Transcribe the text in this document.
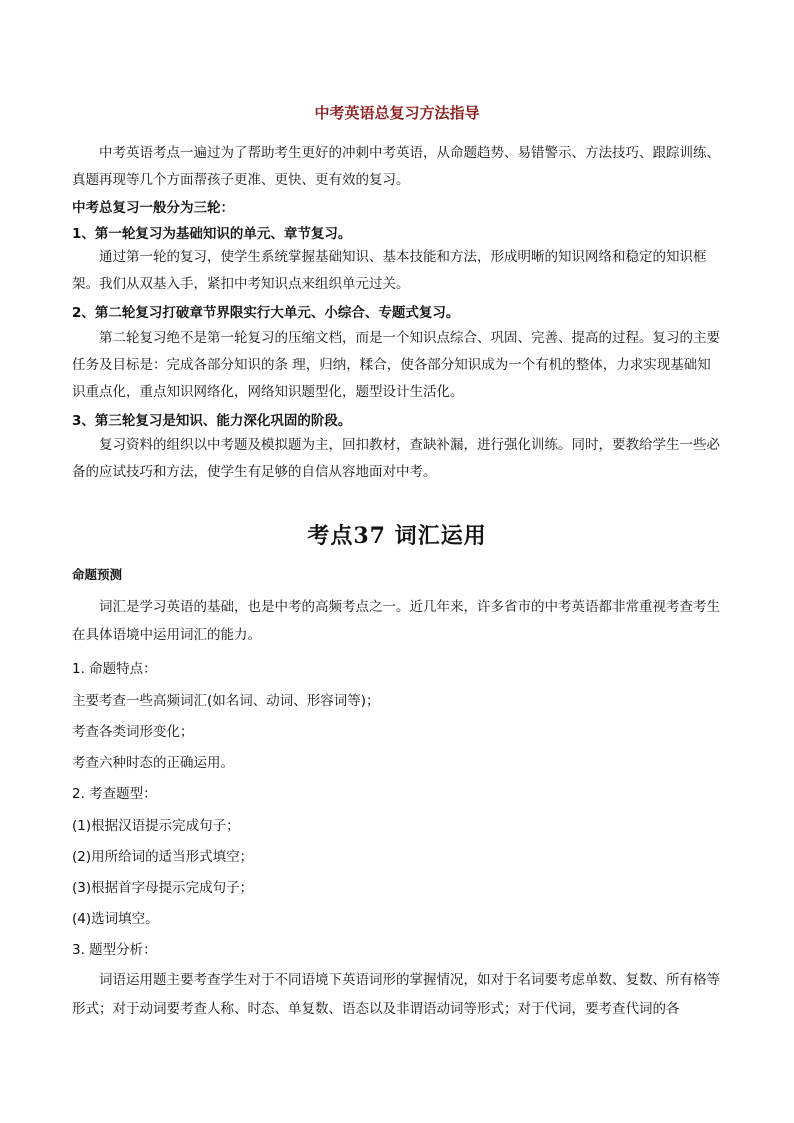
中考英语总复习方法指导
中考英语考点一遍过为了帮助考生更好的冲刺中考英语，从命题趋势、易错警示、方法技巧、跟踪训练、真题再现等几个方面帮孩子更准、更快、更有效的复习。
中考总复习一般分为三轮：
1、第一轮复习为基础知识的单元、章节复习。
通过第一轮的复习，使学生系统掌握基础知识、基本技能和方法，形成明晰的知识网络和稳定的知识框架。我们从双基入手，紧扣中考知识点来组织单元过关。
2、第二轮复习打破章节界限实行大单元、小综合、专题式复习。
第二轮复习绝不是第一轮复习的压缩文档，而是一个知识点综合、巩固、完善、提高的过程。复习的主要任务及目标是：完成各部分知识的条 理，归纳，糅合，使各部分知识成为一个有机的整体，力求实现基础知识重点化，重点知识网络化，网络知识题型化，题型设计生活化。
3、第三轮复习是知识、能力深化巩固的阶段。
复习资料的组织以中考题及模拟题为主，回扣教材，查缺补漏，进行强化训练。同时，要教给学生一些必备的应试技巧和方法，使学生有足够的自信从容地面对中考。
考点37 词汇运用
命题预测
词汇是学习英语的基础，也是中考的高频考点之一。近几年来，许多省市的中考英语都非常重视考查考生在具体语境中运用词汇的能力。
1. 命题特点：
主要考查一些高频词汇(如名词、动词、形容词等)；
考查各类词形变化；
考查六种时态的正确运用。
2. 考查题型：
(1)根据汉语提示完成句子；
(2)用所给词的适当形式填空；
(3)根据首字母提示完成句子；
(4)选词填空。
3. 题型分析：
词语运用题主要考查学生对于不同语境下英语词形的掌握情况，如对于名词要考虑单数、复数、所有格等形式；对于动词要考查人称、时态、单复数、语态以及非谓语动词等形式；对于代词，要考查代词的各
